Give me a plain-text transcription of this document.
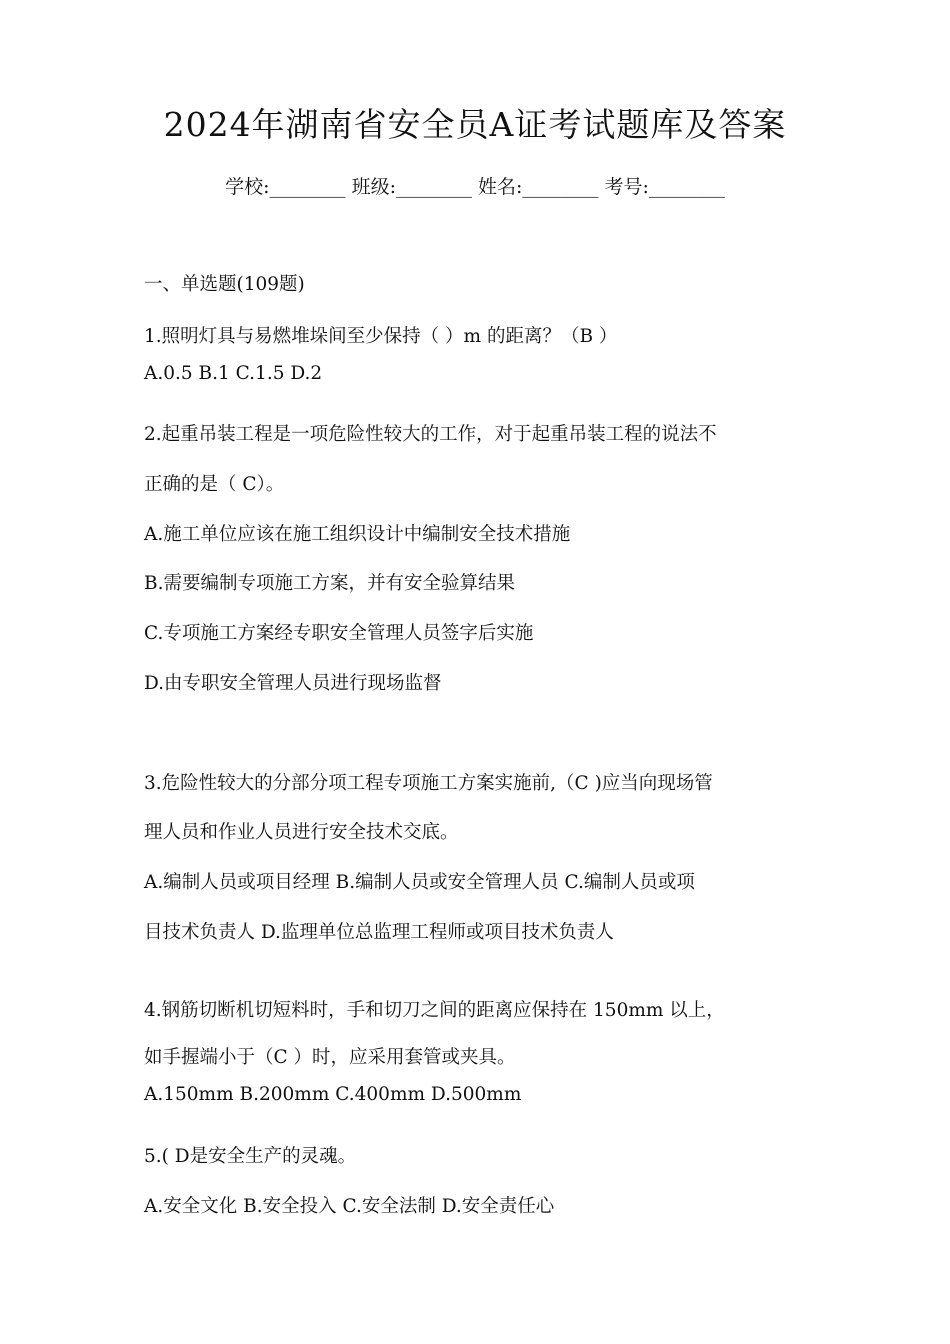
2024年湖南省安全员A证考试题库及答案
学校:________ 班级:________ 姓名:________ 考号:________
一、单选题(109题)
1.照明灯具与易燃堆垛间至少保持（ ）m 的距离？（B ）
A.0.5 B.1 C.1.5 D.2
2.起重吊装工程是一项危险性较大的工作，对于起重吊装工程的说法不
正确的是（ C）。
A.施工单位应该在施工组织设计中编制安全技术措施
B.需要编制专项施工方案，并有安全验算结果
C.专项施工方案经专职安全管理人员签字后实施
D.由专职安全管理人员进行现场监督
3.危险性较大的分部分项工程专项施工方案实施前,（C )应当向现场管
理人员和作业人员进行安全技术交底。
A.编制人员或项目经理 B.编制人员或安全管理人员 C.编制人员或项
目技术负责人 D.监理单位总监理工程师或项目技术负责人
4.钢筋切断机切短料时，手和切刀之间的距离应保持在 150mm 以上，
如手握端小于（C ）时，应采用套管或夹具。
A.150mm B.200mm C.400mm D.500mm
5.( D是安全生产的灵魂。
A.安全文化 B.安全投入 C.安全法制 D.安全责任心
